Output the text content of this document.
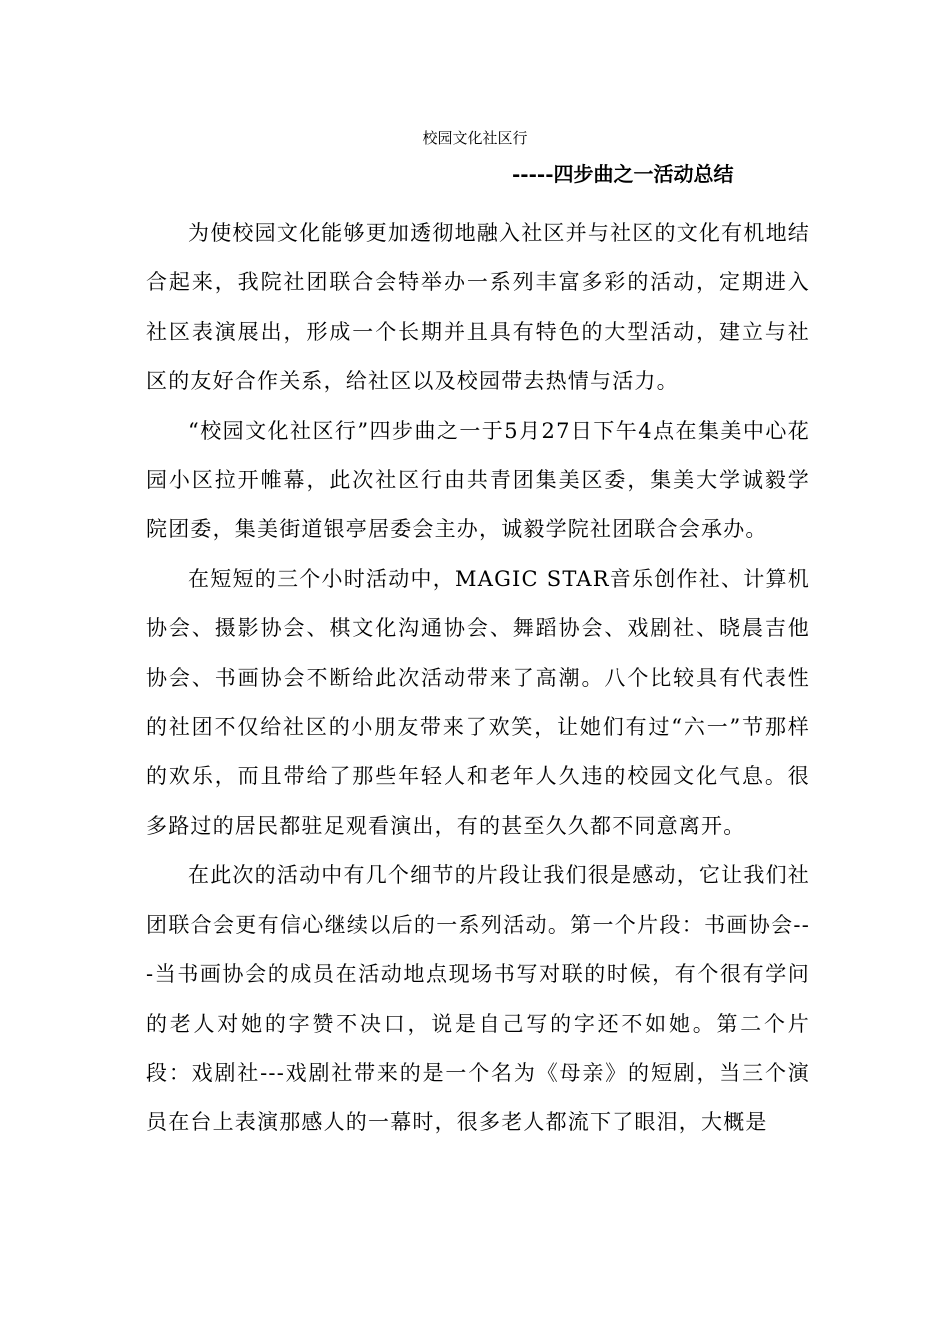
校园文化社区行
-----四步曲之一活动总结

为使校园文化能够更加透彻地融入社区并与社区的文化有机地结合起来，我院社团联合会特举办一系列丰富多彩的活动，定期进入社区表演展出，形成一个长期并且具有特色的大型活动，建立与社区的友好合作关系，给社区以及校园带去热情与活力。

“校园文化社区行”四步曲之一于5月27日下午4点在集美中心花园小区拉开帷幕，此次社区行由共青团集美区委，集美大学诚毅学院团委，集美街道银亭居委会主办，诚毅学院社团联合会承办。

在短短的三个小时活动中，MAGIC STAR音乐创作社、计算机协会、摄影协会、棋文化沟通协会、舞蹈协会、戏剧社、晓晨吉他协会、书画协会不断给此次活动带来了高潮。八个比较具有代表性的社团不仅给社区的小朋友带来了欢笑，让她们有过“六一”节那样的欢乐，而且带给了那些年轻人和老年人久违的校园文化气息。很多路过的居民都驻足观看演出，有的甚至久久都不同意离开。

在此次的活动中有几个细节的片段让我们很是感动，它让我们社团联合会更有信心继续以后的一系列活动。第一个片段：书画协会---当书画协会的成员在活动地点现场书写对联的时候，有个很有学问的老人对她的字赞不决口，说是自己写的字还不如她。第二个片段：戏剧社---戏剧社带来的是一个名为《母亲》的短剧，当三个演员在台上表演那感人的一幕时，很多老人都流下了眼泪，大概是
